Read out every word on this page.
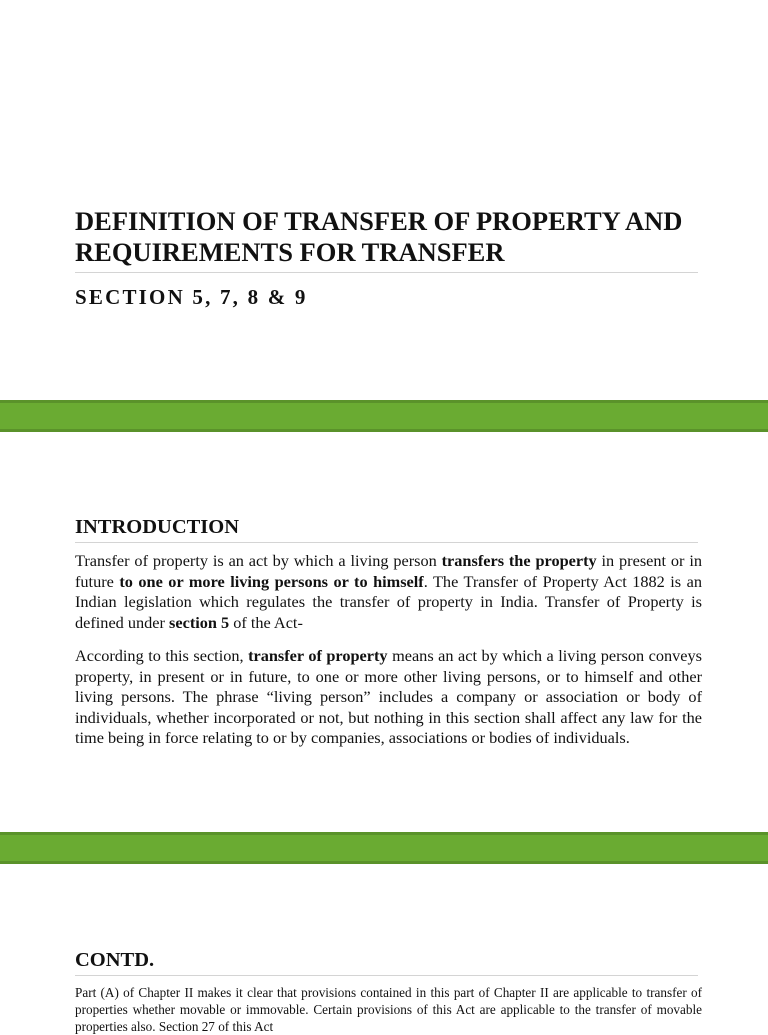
DEFINITION OF TRANSFER OF PROPERTY AND REQUIREMENTS FOR TRANSFER
SECTION 5, 7, 8 & 9
INTRODUCTION

Transfer of property is an act by which a living person transfers the property in present or in future to one or more living persons or to himself. The Transfer of Property Act 1882 is an Indian legislation which regulates the transfer of property in India. Transfer of Property is defined under section 5 of the Act-

According to this section, transfer of property means an act by which a living person conveys property, in present or in future, to one or more other living persons, or to himself and other living persons. The phrase “living person” includes a company or association or body of individuals, whether incorporated or not, but nothing in this section shall affect any law for the time being in force relating to or by companies, associations or bodies of individuals.

CONTD.

Part (A) of Chapter II makes it clear that provisions contained in this part of Chapter II are applicable to transfer of properties whether movable or immovable. Certain provisions of this Act are applicable to the transfer of movable properties also. Section 27 of this Act
